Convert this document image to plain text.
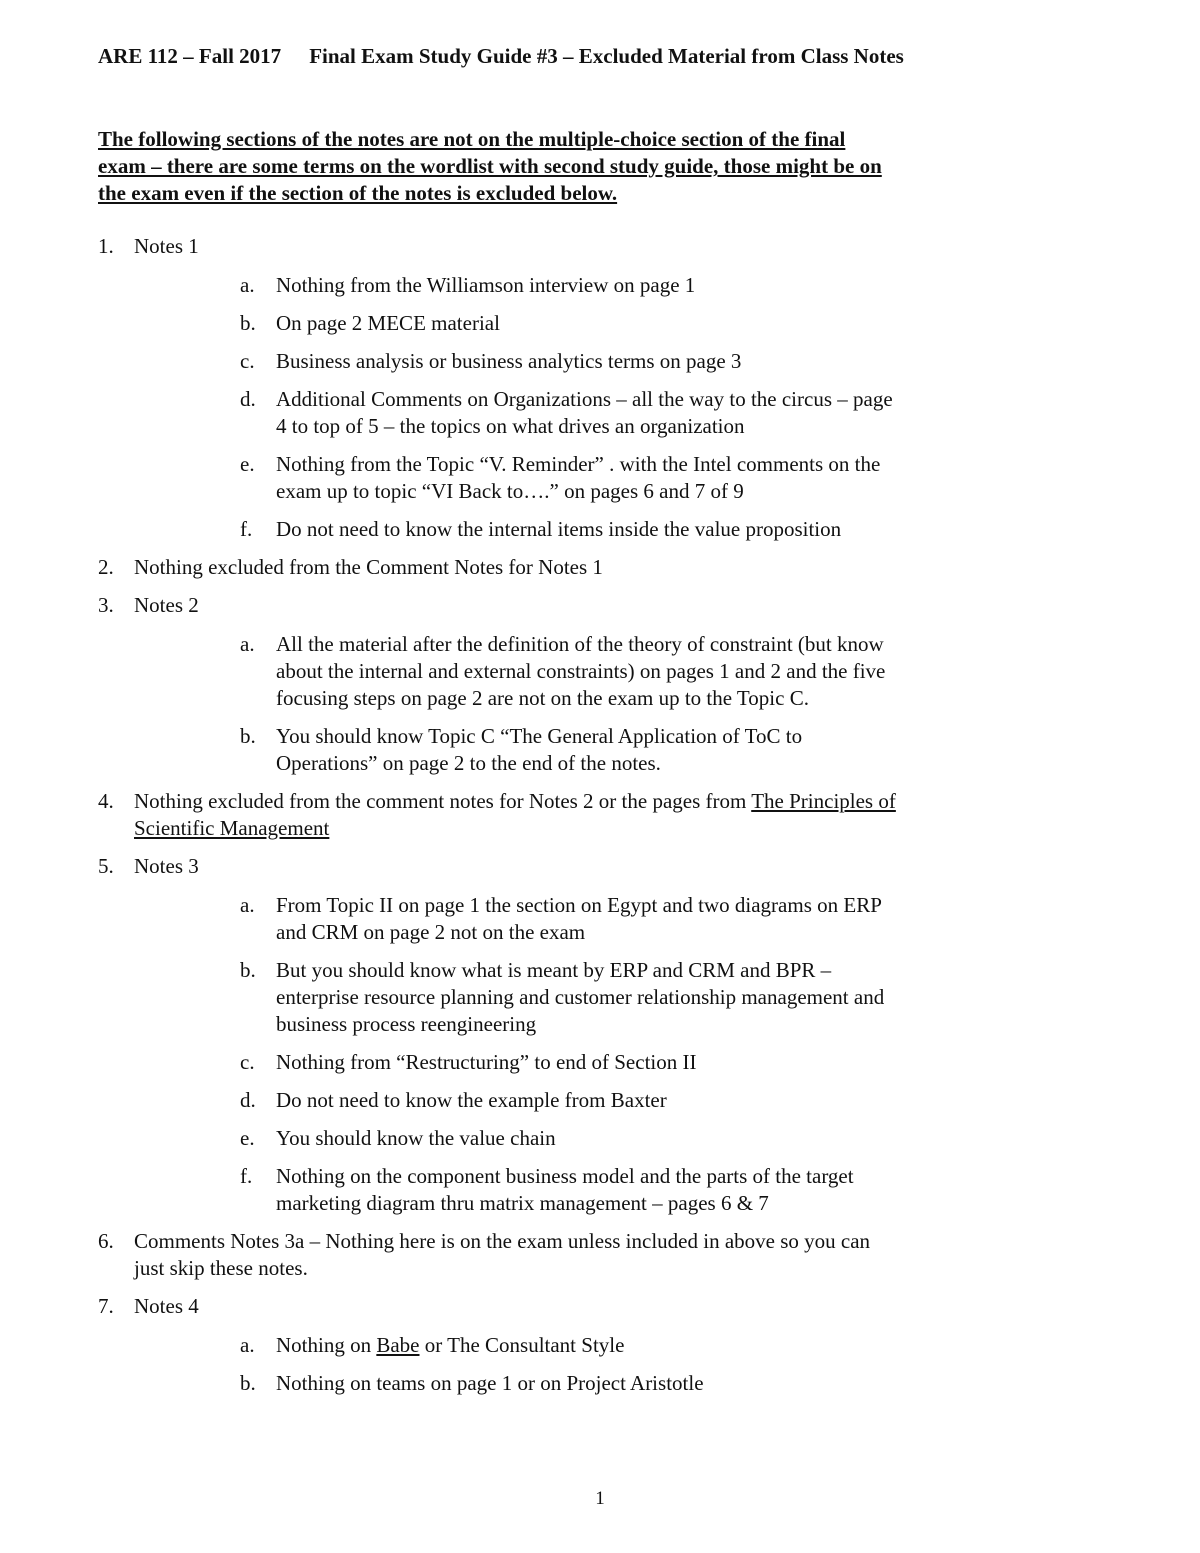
ARE 112 – Fall 2017 Final Exam Study Guide #3 – Excluded Material from Class Notes
The following sections of the notes are not on the multiple-choice section of the final exam – there are some terms on the wordlist with second study guide, those might be on the exam even if the section of the notes is excluded below.
1. Notes 1
a. Nothing from the Williamson interview on page 1
b. On page 2 MECE material
c. Business analysis or business analytics terms on page 3
d. Additional Comments on Organizations – all the way to the circus – page 4 to top of 5 – the topics on what drives an organization
e. Nothing from the Topic “V. Reminder” . with the Intel comments on the exam up to topic “VI Back to….” on pages 6 and 7 of 9
f. Do not need to know the internal items inside the value proposition
2. Nothing excluded from the Comment Notes for Notes 1
3. Notes 2
a. All the material after the definition of the theory of constraint (but know about the internal and external constraints) on pages 1 and 2 and the five focusing steps on page 2 are not on the exam up to the Topic C.
b. You should know Topic C “The General Application of ToC to Operations” on page 2 to the end of the notes.
4. Nothing excluded from the comment notes for Notes 2 or the pages from The Principles of Scientific Management
5. Notes 3
a. From Topic II on page 1 the section on Egypt and two diagrams on ERP and CRM on page 2 not on the exam
b. But you should know what is meant by ERP and CRM and BPR – enterprise resource planning and customer relationship management and business process reengineering
c. Nothing from “Restructuring” to end of Section II
d. Do not need to know the example from Baxter
e. You should know the value chain
f. Nothing on the component business model and the parts of the target marketing diagram thru matrix management – pages 6 & 7
6. Comments Notes 3a – Nothing here is on the exam unless included in above so you can just skip these notes.
7. Notes 4
a. Nothing on Babe or The Consultant Style
b. Nothing on teams on page 1 or on Project Aristotle
1
